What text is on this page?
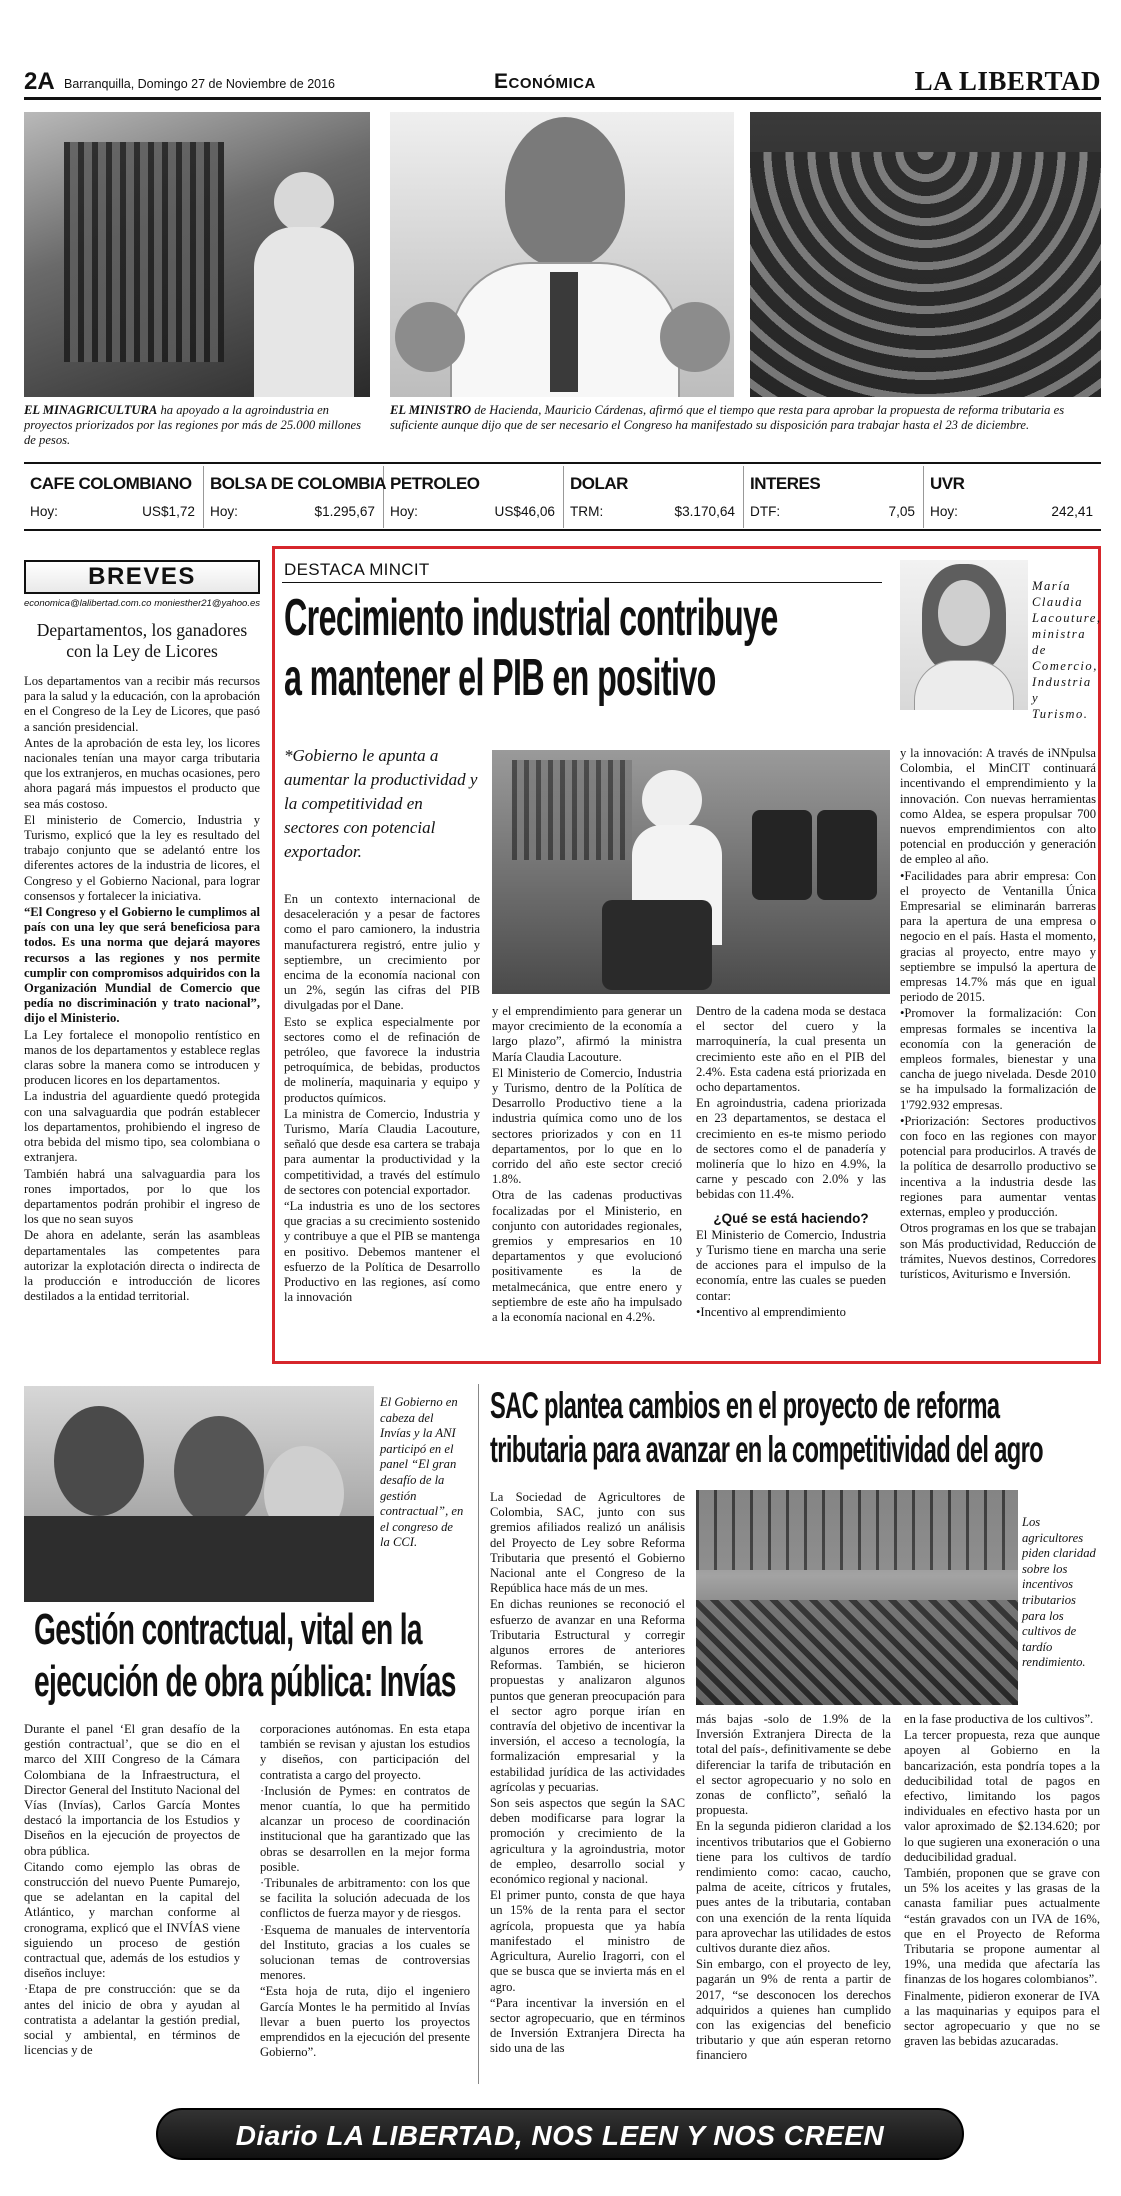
2A Barranquilla, Domingo 27 de Noviembre de 2016	Económica	LA LIBERTAD
EL MINAGRICULTURA ha apoyado a la agroindustria en proyectos priorizados por las regiones por más de 25.000 millones de pesos.
EL MINISTRO de Hacienda, Mauricio Cárdenas, afirmó que el tiempo que resta para aprobar la propuesta de reforma tributaria es suficiente aunque dijo que de ser necesario el Congreso ha manifestado su disposición para trabajar hasta el 23 de diciembre.
CAFE COLOMBIANO
Hoy:	US$1,72
BOLSA DE COLOMBIA
Hoy:	$1.295,67
PETROLEO
Hoy:	US$46,06
DOLAR
TRM:	$3.170,64
INTERES
DTF:	7,05
UVR
Hoy:	242,41
BREVES
economica@lalibertad.com.co moniesther21@yahoo.es
Departamentos, los ganadores con la Ley de Licores

Los departamentos van a recibir más recursos para la salud y la educación, con la aprobación en el Congreso de la Ley de Licores, que pasó a sanción presidencial.

Antes de la aprobación de esta ley, los licores nacionales tenían una mayor carga tributaria que los extranjeros, en muchas ocasiones, pero ahora pagará más impuestos el producto que sea más costoso.

El ministerio de Comercio, Industria y Turismo, explicó que la ley es resultado del trabajo conjunto que se adelantó entre los diferentes actores de la industria de licores, el Congreso y el Gobierno Nacional, para lograr consensos y fortalecer la iniciativa.

“El Congreso y el Gobierno le cumplimos al país con una ley que será beneficiosa para todos. Es una norma que dejará mayores recursos a las regiones y nos permite cumplir con compromisos adquiridos con la Organización Mundial de Comercio que pedía no discriminación y trato nacional”, dijo el Ministerio.

La Ley fortalece el monopolio rentístico en manos de los departamentos y establece reglas claras sobre la manera como se introducen y producen licores en los departamentos.

La industria del aguardiente quedó protegida con una salvaguardia que podrán establecer los departamentos, prohibiendo el ingreso de otra bebida del mismo tipo, sea colombiana o extranjera.

También habrá una salvaguardia para los rones importados, por lo que los departamentos podrán prohibir el ingreso de los que no sean suyos

De ahora en adelante, serán las asambleas departamentales las competentes para autorizar la explotación directa o indirecta de la producción e introducción de licores destilados a la entidad territorial.

DESTACA MINCIT
Crecimiento industrial contribuye
a mantener el PIB en positivo
María Claudia Lacouture, ministra de Comercio, Industria y Turismo.
*Gobierno le apunta a aumentar la productividad y la competitividad en sectores con potencial exportador.

En un contexto internacional de desaceleración y a pesar de factores como el paro camionero, la industria manufacturera registró, entre julio y septiembre, un crecimiento por encima de la economía nacional con un 2%, según las cifras del PIB divulgadas por el Dane.

Esto se explica especialmente por sectores como el de refinación de petróleo, que favorece la industria petroquímica, de bebidas, productos de molinería, maquinaria y equipo y productos químicos.

La ministra de Comercio, Industria y Turismo, María Claudia Lacouture, señaló que desde esa cartera se trabaja para aumentar la productividad y la competitividad, a través del estímulo de sectores con potencial exportador.

“La industria es uno de los sectores que gracias a su crecimiento sostenido y contribuye a que el PIB se mantenga en positivo. Debemos mantener el esfuerzo de la Política de Desarrollo Productivo en las regiones, así como la innovación

y el emprendimiento para generar un mayor crecimiento de la economía a largo plazo”, afirmó la ministra María Claudia Lacouture.

El Ministerio de Comercio, Industria y Turismo, dentro de la Política de Desarrollo Productivo tiene a la industria química como uno de los sectores priorizados y con en 11 departamentos, por lo que en lo corrido del año este sector creció 1.8%.

Otra de las cadenas productivas focalizadas por el Ministerio, en conjunto con autoridades regionales, gremios y empresarios en 10 departamentos y que evolucionó positivamente es la de metalmecánica, que entre enero y septiembre de este año ha impulsado a la economía nacional en 4.2%.

Dentro de la cadena moda se destaca el sector del cuero y la marroquinería, la cual presenta un crecimiento este año en el PIB del 2.4%. Esta cadena está priorizada en ocho departamentos.

En agroindustria, cadena priorizada en 23 departamentos, se destaca el crecimiento en es-te mismo periodo de sectores como el de panadería y molinería que lo hizo en 4.9%, la carne y pescado con 2.0% y las bebidas con 11.4%.

¿Qué se está haciendo?

El Ministerio de Comercio, Industria y Turismo tiene en marcha una serie de acciones para el impulso de la economía, entre las cuales se pueden contar:

•Incentivo al emprendimiento

y la innovación: A través de iNNpulsa Colombia, el MinCIT continuará incentivando el emprendimiento y la innovación. Con nuevas herramientas como Aldea, se espera propulsar 700 nuevos emprendimientos con alto potencial en producción y generación de empleo al año.

•Facilidades para abrir empresa: Con el proyecto de Ventanilla Única Empresarial se eliminarán barreras para la apertura de una empresa o negocio en el país. Hasta el momento, gracias al proyecto, entre mayo y septiembre se impulsó la apertura de empresas 14.7% más que en igual periodo de 2015.

•Promover la formalización: Con empresas formales se incentiva la economía con la generación de empleos formales, bienestar y una cancha de juego nivelada. Desde 2010 se ha impulsado la formalización de 1'792.932 empresas.

•Priorización: Sectores productivos con foco en las regiones con mayor potencial para producirlos. A través de la política de desarrollo productivo se incentiva a la industria desde las regiones para aumentar ventas externas, empleo y producción.

Otros programas en los que se trabajan son Más productividad, Reducción de trámites, Nuevos destinos, Corredores turísticos, Aviturismo e Inversión.

El Gobierno en cabeza del Invías y la ANI participó en el panel “El gran desafío de la gestión contractual”, en el congreso de la CCI.
Gestión contractual, vital en la
ejecución de obra pública: Invías

Durante el panel ‘El gran desafío de la gestión contractual’, que se dio en el marco del XIII Congreso de la Cámara Colombiana de la Infraestructura, el Director General del Instituto Nacional del Vías (Invías), Carlos García Montes destacó la importancia de los Estudios y Diseños en la ejecución de proyectos de obra pública.

Citando como ejemplo las obras de construcción del nuevo Puente Pumarejo, que se adelantan en la capital del Atlántico, y marchan conforme al cronograma, explicó que el INVÍAS viene siguiendo un proceso de gestión contractual que, además de los estudios y diseños incluye:

·Etapa de pre construcción: que se da antes del inicio de obra y ayudan al contratista a adelantar la gestión predial, social y ambiental, en términos de licencias y de

corporaciones autónomas. En esta etapa también se revisan y ajustan los estudios y diseños, con participación del contratista a cargo del proyecto.

·Inclusión de Pymes: en contratos de menor cuantía, lo que ha permitido alcanzar un proceso de coordinación institucional que ha garantizado que las obras se desarrollen en la mejor forma posible.

·Tribunales de arbitramento: con los que se facilita la solución adecuada de los conflictos de fuerza mayor y de riesgos.

·Esquema de manuales de interventoría del Instituto, gracias a los cuales se solucionan temas de controversias menores.

“Esta hoja de ruta, dijo el ingeniero García Montes le ha permitido al Invías llevar a buen puerto los proyectos emprendidos en la ejecución del presente Gobierno”.

SAC plantea cambios en el proyecto de reforma
tributaria para avanzar en la competitividad del agro
Los agricultores piden claridad sobre los incentivos tributarios para los cultivos de tardío rendimiento.

La Sociedad de Agricultores de Colombia, SAC, junto con sus gremios afiliados realizó un análisis del Proyecto de Ley sobre Reforma Tributaria que presentó el Gobierno Nacional ante el Congreso de la República hace más de un mes.

En dichas reuniones se reconoció el esfuerzo de avanzar en una Reforma Tributaria Estructural y corregir algunos errores de anteriores Reformas. También, se hicieron propuestas y analizaron algunos puntos que generan preocupación para el sector agro porque irían en contravía del objetivo de incentivar la inversión, el acceso a tecnología, la formalización empresarial y la estabilidad jurídica de las actividades agrícolas y pecuarias.

Son seis aspectos que según la SAC deben modificarse para lograr la promoción y crecimiento de la agricultura y la agroindustria, motor de empleo, desarrollo social y económico regional y nacional.

El primer punto, consta de que haya un 15% de la renta para el sector agrícola, propuesta que ya había manifestado el ministro de Agricultura, Aurelio Iragorri, con el que se busca que se invierta más en el agro.

“Para incentivar la inversión en el sector agropecuario, que en términos de Inversión Extranjera Directa ha sido una de las

más bajas -solo de 1.9% de la Inversión Extranjera Directa de la total del país-, definitivamente se debe diferenciar la tarifa de tributación en el sector agropecuario y no solo en zonas de conflicto”, señaló la propuesta.

En la segunda pidieron claridad a los incentivos tributarios que el Gobierno tiene para los cultivos de tardío rendimiento como: cacao, caucho, palma de aceite, cítricos y frutales, pues antes de la tributaria, contaban con una exención de la renta líquida para aprovechar las utilidades de estos cultivos durante diez años.

Sin embargo, con el proyecto de ley, pagarán un 9% de renta a partir de 2017, “se desconocen los derechos adquiridos a quienes han cumplido con las exigencias del beneficio tributario y que aún esperan retorno financiero

en la fase productiva de los cultivos”.

La tercer propuesta, reza que aunque apoyen al Gobierno en la bancarización, esta pondría topes a la deducibilidad total de pagos en efectivo, limitando los pagos individuales en efectivo hasta por un valor aproximado de $2.134.620; por lo que sugieren una exoneración o una deducibilidad gradual.

También, proponen que se grave con un 5% los aceites y las grasas de la canasta familiar pues actualmente “están gravados con un IVA de 16%, que en el Proyecto de Reforma Tributaria se propone aumentar al 19%, una medida que afectaría las finanzas de los hogares colombianos”.

Finalmente, pidieron exonerar de IVA a las maquinarias y equipos para el sector agropecuario y que no se graven las bebidas azucaradas.

Diario LA LIBERTAD, NOS LEEN Y NOS CREEN
